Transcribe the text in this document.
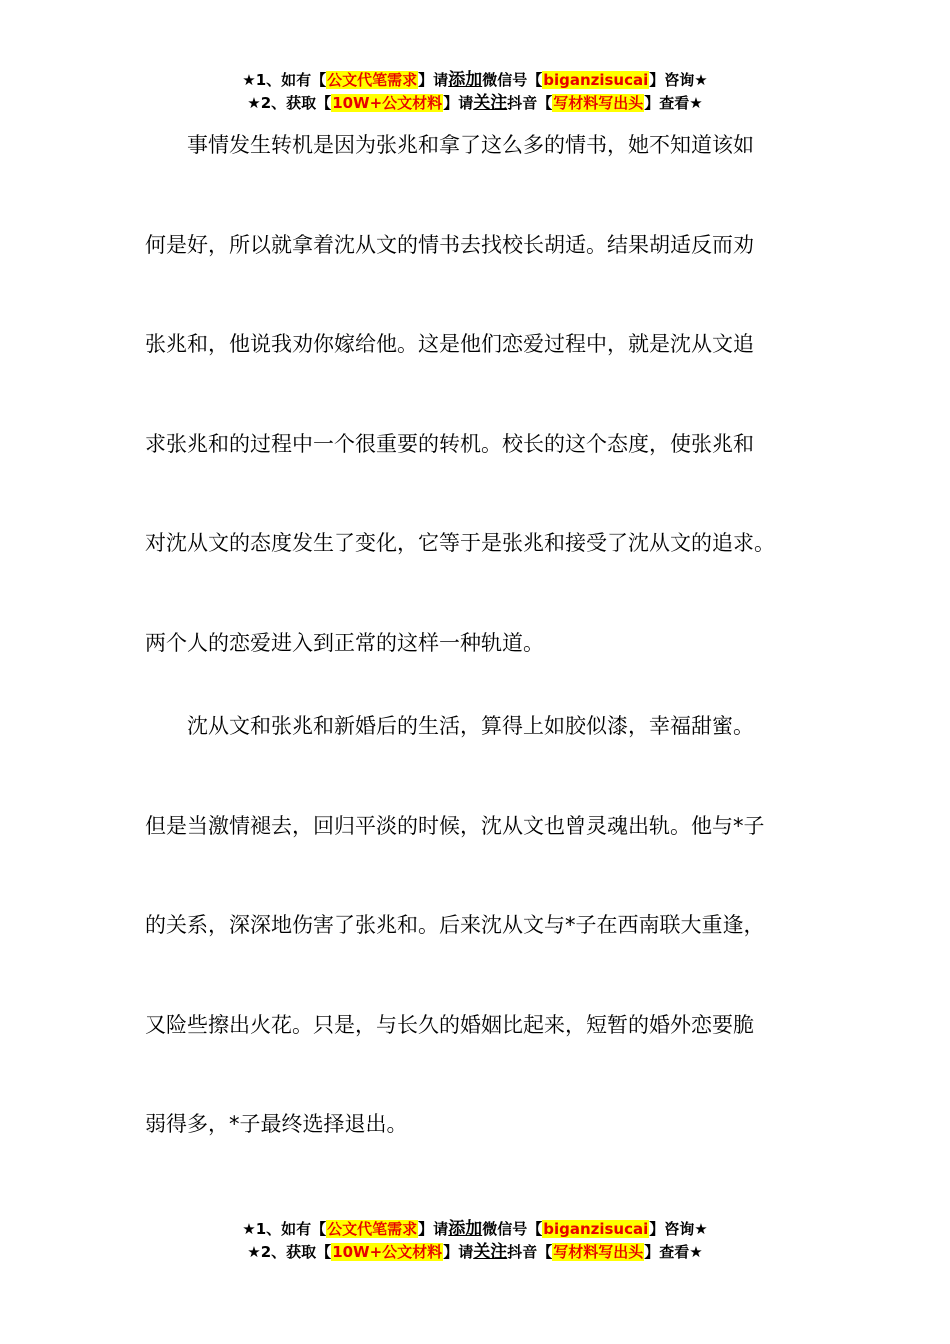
★1、如有【公文代笔需求】请添加微信号【biganzisucai】咨询★
★2、获取【10W+公文材料】请关注抖音【写材料写出头】查看★
　　事情发生转机是因为张兆和拿了这么多的情书，她不知道该如
何是好，所以就拿着沈从文的情书去找校长胡适。结果胡适反而劝
张兆和，他说我劝你嫁给他。这是他们恋爱过程中，就是沈从文追
求张兆和的过程中一个很重要的转机。校长的这个态度，使张兆和
对沈从文的态度发生了变化，它等于是张兆和接受了沈从文的追求。
两个人的恋爱进入到正常的这样一种轨道。
　　沈从文和张兆和新婚后的生活，算得上如胶似漆，幸福甜蜜。
但是当激情褪去，回归平淡的时候，沈从文也曾灵魂出轨。他与*子
的关系，深深地伤害了张兆和。后来沈从文与*子在西南联大重逢，
又险些擦出火花。只是，与长久的婚姻比起来，短暂的婚外恋要脆
弱得多，*子最终选择退出。
★1、如有【公文代笔需求】请添加微信号【biganzisucai】咨询★
★2、获取【10W+公文材料】请关注抖音【写材料写出头】查看★
